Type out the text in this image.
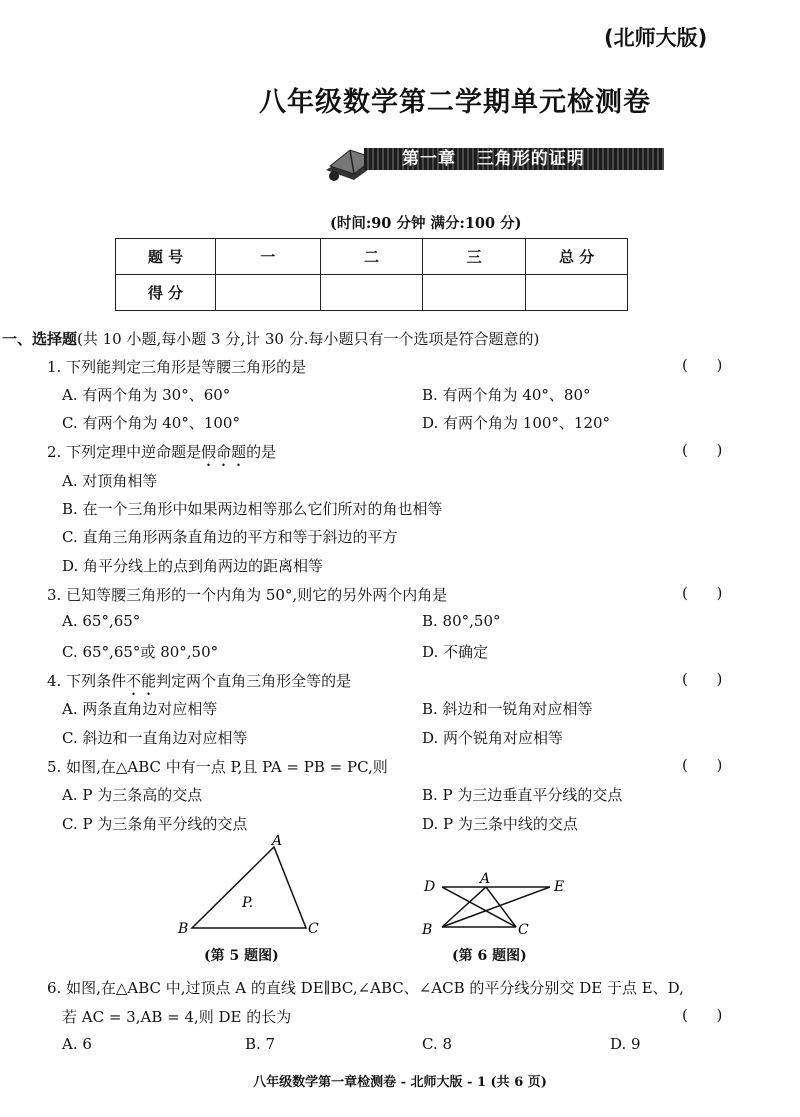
(北师大版)
八年级数学第二学期单元检测卷
第一章   三角形的证明
(时间:90 分钟 满分:100 分)
题 号	一	二	三	总 分
得 分				
一、选择题(共 10 小题,每小题 3 分,计 30 分.每小题只有一个选项是符合题意的)
1. 下列能判定三角形是等腰三角形的是	(      )
A. 有两个角为 30°、60°	B. 有两个角为 40°、80°
C. 有两个角为 40°、100°	D. 有两个角为 100°、120°
2. 下列定理中逆命题是假命题的是	(      )
A. 对顶角相等
B. 在一个三角形中如果两边相等那么它们所对的角也相等
C. 直角三角形两条直角边的平方和等于斜边的平方
D. 角平分线上的点到角两边的距离相等
3. 已知等腰三角形的一个内角为 50°,则它的另外两个内角是	(      )
A. 65°,65°	B. 80°,50°
C. 65°,65°或 80°,50°	D. 不确定
4. 下列条件不能判定两个直角三角形全等的是	(      )
A. 两条直角边对应相等	B. 斜边和一锐角对应相等
C. 斜边和一直角边对应相等	D. 两个锐角对应相等
5. 如图,在△ABC 中有一点 P,且 PA = PB = PC,则	(      )
A. P 为三条高的交点	B. P 为三边垂直平分线的交点
C. P 为三条角平分线的交点	D. P 为三条中线的交点
A
B	C
P.
(第 5 题图)
D	A	E
B	C
(第 6 题图)
6. 如图,在△ABC 中,过顶点 A 的直线 DE∥BC,∠ABC、∠ACB 的平分线分别交 DE 于点 E、D,
若 AC = 3,AB = 4,则 DE 的长为	(      )
A. 6	B. 7	C. 8	D. 9
八年级数学第一章检测卷 - 北师大版 - 1 (共 6 页)
